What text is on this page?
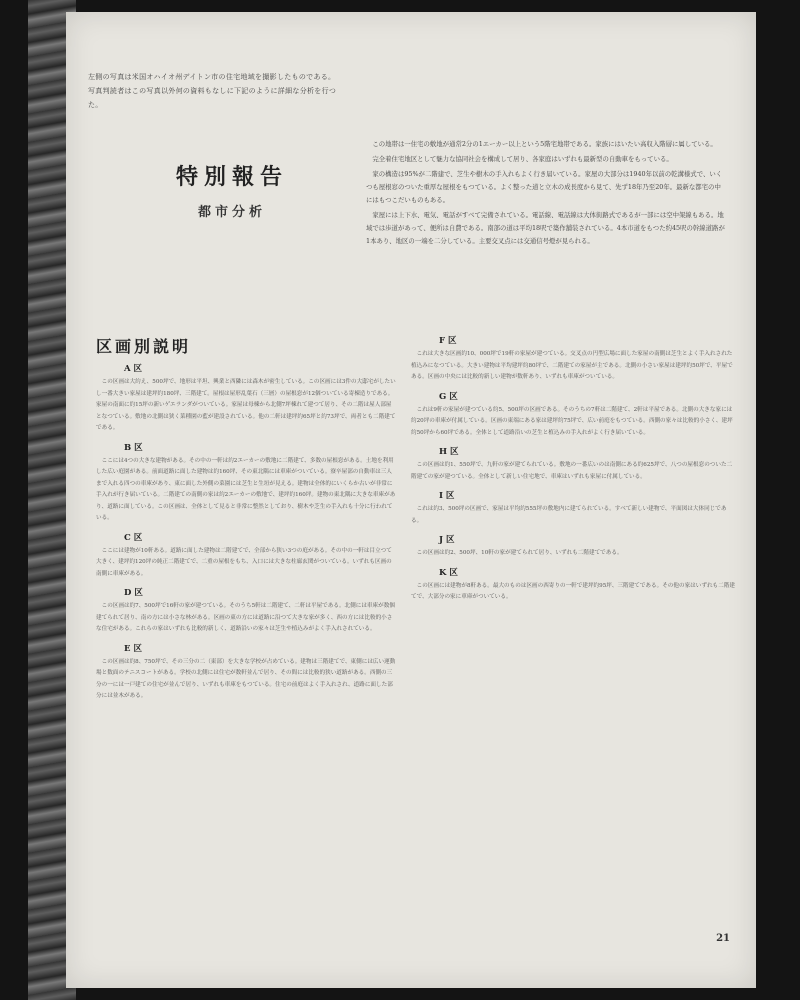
左側の写真は米国オハイオ州デイトン市の住宅地域を撮影したものである。写真判読者はこの写真以外何の資料もなしに下記のように詳細な分析を行つた。
特別報告
都市分析

この地帯は一住宅の敷地が通常2分の1エーカー以上という5階宅地帯である。家族にはいたい高収入階層に属している。

完全着住宅地区として魅力な協同社会を構成して居り、各家庭はいずれも最新型の自動車をもっている。

家の構造は95%が二階建で、芝生や樹木の手入れもよく行き届いている。家屋の大部分は1940年以前の乾溝様式で、いくつも屋根窓のついた重厚な屋根をもつている。よく整った道と立木の成長度から見て、先ず18年乃至20年。最新な都宅の中にはもつこだいものもある。

家屋には上下水、電気、電話がすべて完備されている。電話線、電話線は大体街路式であるが一部には空中架線もある。地域では歩道があって、便所は自費である。南部の道は平均18呎で築作舗装されている。4本市道をもつた約45呎の幹線道路が1本あり、地区の一端を二分している。主要交叉点には交通信号燈が見られる。

区画別説明
A 区

この区画は大約え、500坪で、地形は平坦、興業と西隣には森木が密生している。この区画には3件の大邸宅がしたいし一番大きい家屋は建坪約180坪、三階建て。屋根は屋形乱葉石（三層）の屋根窓が12個ついている寄棟造りである。家屋の南面に約15坪の新いゲエランダがついている。家屋は母棟から北側7坪棟れて建つて居り、その二階は屋人部屋となつている。敷地の北側は狭く菜種園の藍が建設されている。他の二軒は建坪約65坪と約73坪で、両者とも二階建てである。

B 区

ここには4つの大きな建物がある。その中の一軒は約2エーカーの敷地に二階建て、多数の屋根窓がある。土地を利用した広い庭園がある。前面道路に面した建物は約160坪、その東北隅には車庫がついている。寮卒屋部の自動車は三人まで入れる四つの車庫があり、東に面した外側の菜園には芝生と生垣が見える。建物は全体的にいくらか古いが非常に手入れが行き届いている。二階建ての南側の家は約2エーカーの敷地で、建坪約160坪。建物の東北隅に大きな車庫があり、道路に面している。この区画は、全体として見ると非常に整然としており、樹木や芝生の手入れも十分に行われている。

C 区

ここには建物が10軒ある。道路に面した建物は二階建てで、全部から狭い3つの庭がある。その中の一軒は目立つて大きく、建坪約120坪の純正二階建てで、二重の屋根をもち、入口には大きな柱廊玄関がついている。いずれも区画の南側に車庫がある。

D 区

この区画は約7、500坪で16軒の家が建つている。そのうち5軒は二階建て、二軒は平屋である。北側には車庫が数個建てられて居り、南の方には小さな林がある。区画の東の方には道路に沿つて大きな家が多く、西の方には比較的小さな住宅がある。これらの家はいずれも比較的新しく、道路沿いの家々は芝生や植込みがよく手入れされている。

E 区

この区画は約8、750坪で、その三分の二（東部）を大きな学校が占めている。建物は三階建てで、東側には広い運動場と数面のテニスコートがある。学校の北側には住宅が数軒並んで居り、その間には比較的狭い道路がある。西側の三分の一には一戸建ての住宅が並んで居り、いずれも車庫をもつている。住宅の前庭はよく手入れされ、道路に面した部分には並木がある。

F 区

これは大きな区画約10、000坪で19軒の家屋が建つている。交叉点の円型広場に面した家屋の南側は芝生とよく手入れされた植込みになつている。大きい建物は平均建坪約80坪で、二階建ての家屋が主である。北側の小さい家屋は建坪約50坪で、平屋である。区画の中央には比較的新しい建物が数軒あり、いずれも車庫がついている。

G 区

これは9軒の家屋が建つている約5、500坪の区画である。そのうちの7軒は二階建て、2軒は平屋である。北側の大きな家には約20坪の車庫が付属している。区画の東端にある家は建坪約75坪で、広い前庭をもつている。西側の家々は比較的小さく、建坪約50坪から60坪である。全体として道路沿いの芝生と植込みの手入れがよく行き届いている。

H 区

この区画は約1、550坪で、九軒の家が建てられている。敷地の一番広いのは南側にある約625坪で、八つの屋根窓のついた二階建ての家が建つている。全体として新しい住宅地で、車庫はいずれも家屋に付属している。

I 区

これは約3、500坪の区画で、家屋は平均約555坪の敷地内に建てられている。すべて新しい建物で、平面図は大体同じである。

J 区

この区画は約2、500坪、10軒の家が建てられて居り、いずれも二階建てである。

K 区

この区画には建物が8軒ある。最大のものは区画の西寄りの一軒で建坪約95坪、三階建てである。その他の家はいずれも二階建てで、大部分の家に車庫がついている。

21
